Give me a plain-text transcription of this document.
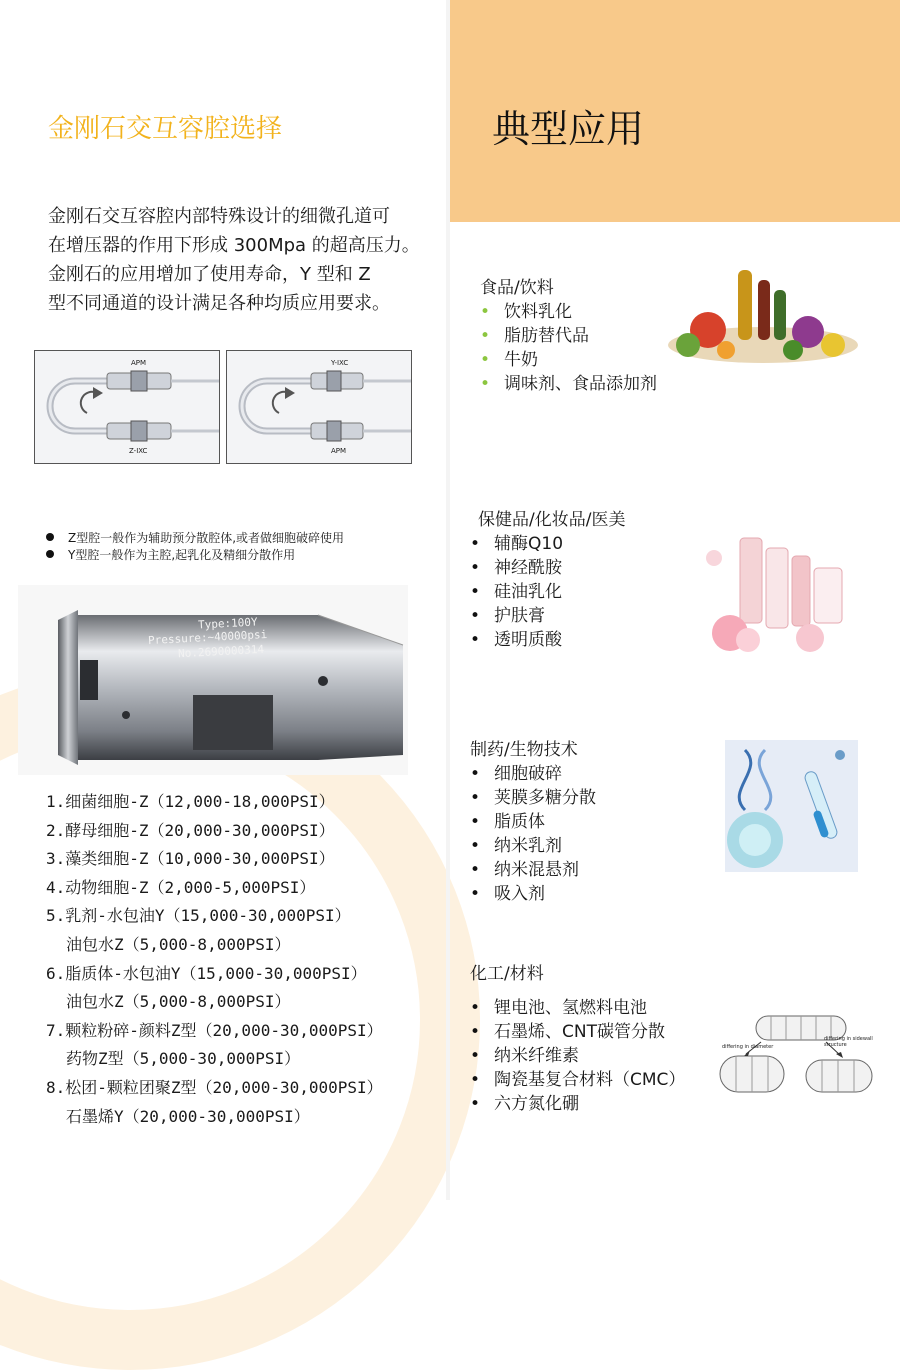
典型应用
金刚石交互容腔选择
金刚石交互容腔内部特殊设计的细微孔道可
在增压器的作用下形成 300Mpa 的超高压力。
金刚石的应用增加了使用寿命，Y 型和 Z
型不同通道的设计满足各种均质应用要求。
APM
Z-IXC
Y-IXC
APM
Z型腔一般作为辅助预分散腔体,或者做细胞破碎使用
Y型腔一般作为主腔,起乳化及精细分散作用
Type:100Y
Pressure:~40000psi
No.2690000314
1.细菌细胞-Z（12,000-18,000PSI）
2.酵母细胞-Z（20,000-30,000PSI）
3.藻类细胞-Z（10,000-30,000PSI）
4.动物细胞-Z（2,000-5,000PSI）
5.乳剂-水包油Y（15,000-30,000PSI）
油包水Z（5,000-8,000PSI）
6.脂质体-水包油Y（15,000-30,000PSI）
油包水Z（5,000-8,000PSI）
7.颗粒粉碎-颜料Z型（20,000-30,000PSI）
药物Z型（5,000-30,000PSI）
8.松团-颗粒团聚Z型（20,000-30,000PSI）
石墨烯Y（20,000-30,000PSI）
食品/饮料
• 饮料乳化
• 脂肪替代品
• 牛奶
• 调味剂、食品添加剂
保健品/化妆品/医美
• 辅酶Q10
• 神经酰胺
• 硅油乳化
• 护肤膏
• 透明质酸
制药/生物技术
• 细胞破碎
• 荚膜多糖分散
• 脂质体
• 纳米乳剂
• 纳米混悬剂
• 吸入剂
化工/材料
• 锂电池、氢燃料电池
• 石墨烯、CNT碳管分散
• 纳米纤维素
• 陶瓷基复合材料（CMC）
• 六方氮化硼
differing in diameter
differing in sidewall structure
